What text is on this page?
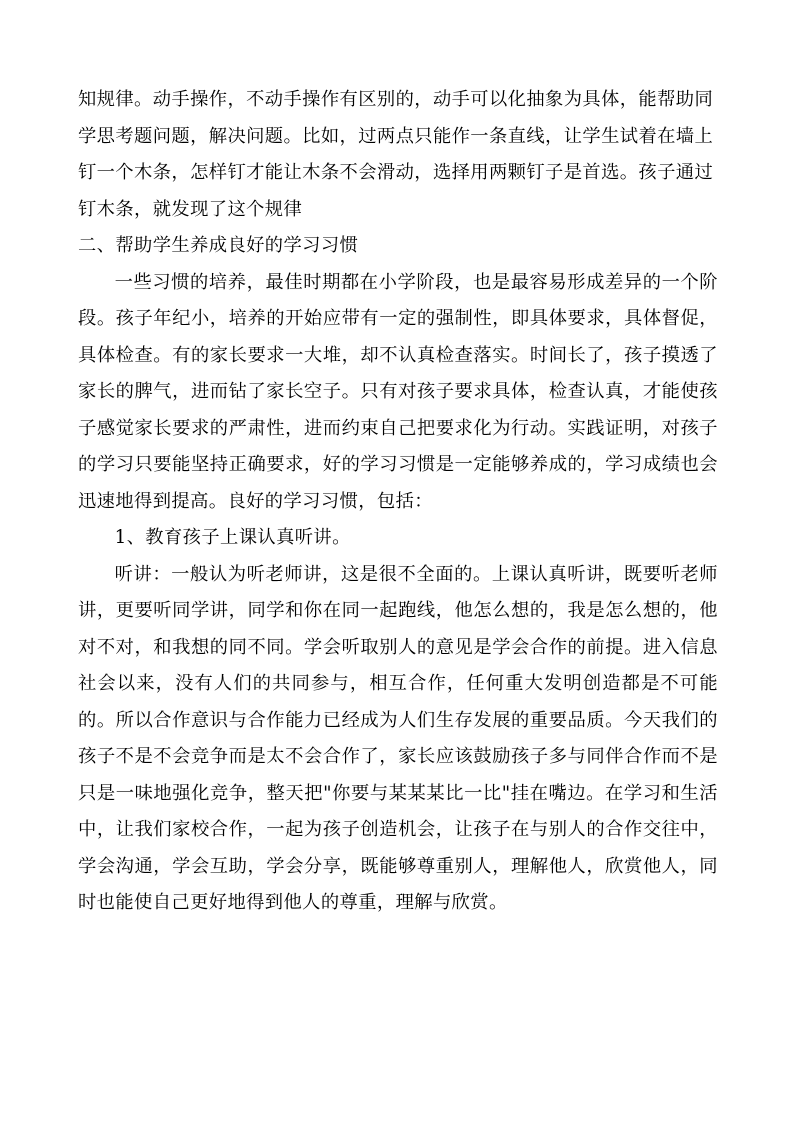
知规律。动手操作，不动手操作有区别的，动手可以化抽象为具体，能帮助同学思考题问题，解决问题。比如，过两点只能作一条直线，让学生试着在墙上钉一个木条，怎样钉才能让木条不会滑动，选择用两颗钉子是首选。孩子通过钉木条，就发现了这个规律

二、帮助学生养成良好的学习习惯

一些习惯的培养，最佳时期都在小学阶段，也是最容易形成差异的一个阶段。孩子年纪小，培养的开始应带有一定的强制性，即具体要求，具体督促，具体检查。有的家长要求一大堆，却不认真检查落实。时间长了，孩子摸透了家长的脾气，进而钻了家长空子。只有对孩子要求具体，检查认真，才能使孩子感觉家长要求的严肃性，进而约束自己把要求化为行动。实践证明，对孩子的学习只要能坚持正确要求，好的学习习惯是一定能够养成的，学习成绩也会迅速地得到提高。良好的学习习惯，包括：

1、教育孩子上课认真听讲。

听讲：一般认为听老师讲，这是很不全面的。上课认真听讲，既要听老师讲，更要听同学讲，同学和你在同一起跑线，他怎么想的，我是怎么想的，他对不对，和我想的同不同。学会听取别人的意见是学会合作的前提。进入信息社会以来，没有人们的共同参与，相互合作，任何重大发明创造都是不可能的。所以合作意识与合作能力已经成为人们生存发展的重要品质。今天我们的孩子不是不会竞争而是太不会合作了，家长应该鼓励孩子多与同伴合作而不是只是一味地强化竞争，整天把"你要与某某某比一比"挂在嘴边。在学习和生活中，让我们家校合作，一起为孩子创造机会，让孩子在与别人的合作交往中，学会沟通，学会互助，学会分享，既能够尊重别人，理解他人，欣赏他人，同时也能使自己更好地得到他人的尊重，理解与欣赏。
